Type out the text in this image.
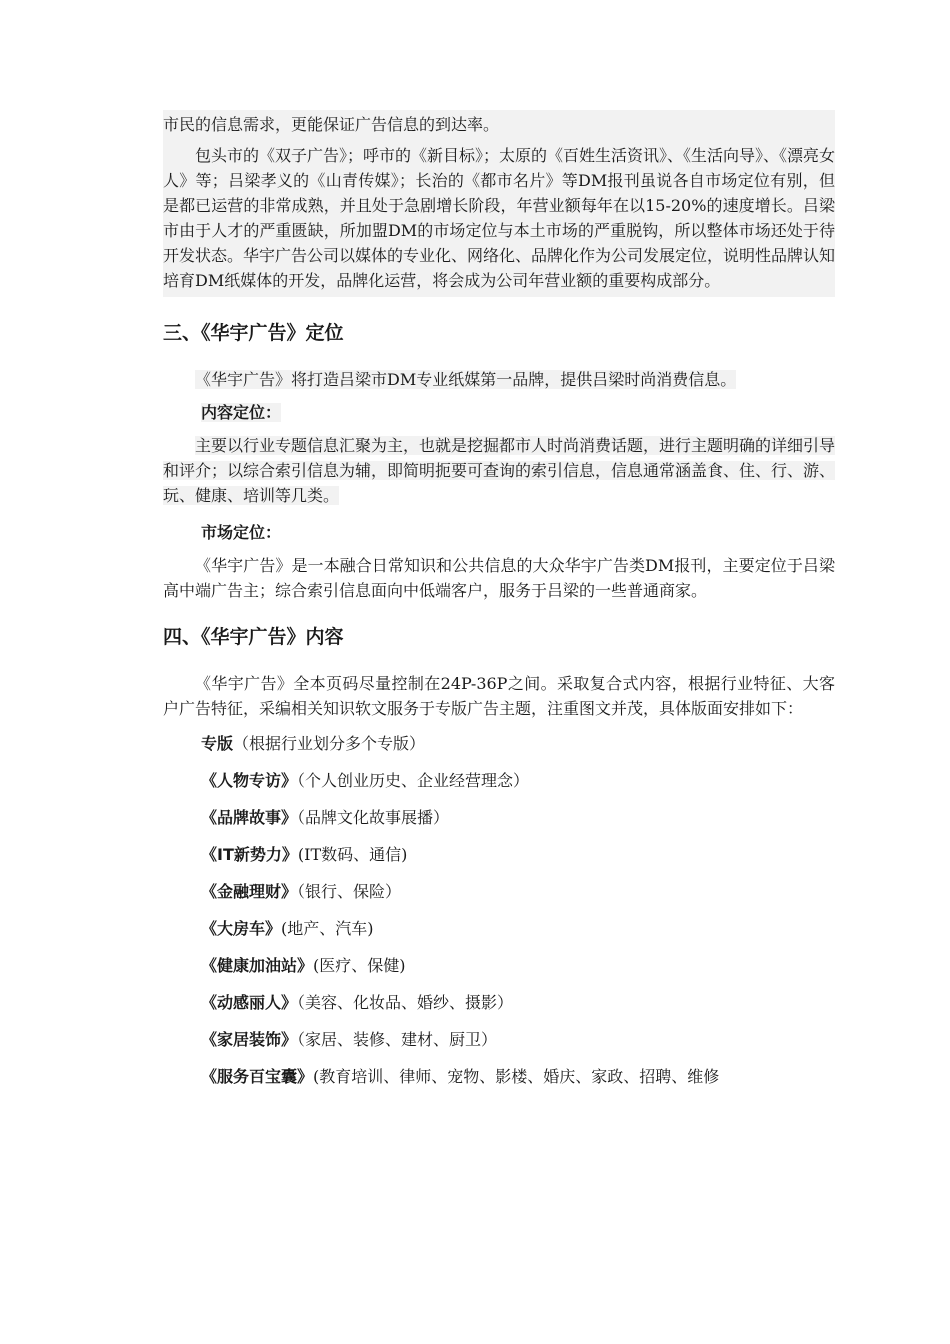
市民的信息需求，更能保证广告信息的到达率。

包头市的《双子广告》；呼市的《新目标》；太原的《百姓生活资讯》、《生活向导》、《漂亮女人》等；吕梁孝义的《山青传媒》；长治的《都市名片》等DM报刊虽说各自市场定位有别，但是都已运营的非常成熟，并且处于急剧增长阶段，年营业额每年在以15-20%的速度增长。吕梁市由于人才的严重匮缺，所加盟DM的市场定位与本土市场的严重脱钩，所以整体市场还处于待开发状态。华宇广告公司以媒体的专业化、网络化、品牌化作为公司发展定位，说明性品牌认知培育DM纸媒体的开发，品牌化运营，将会成为公司年营业额的重要构成部分。

三、《华宇广告》定位

《华宇广告》将打造吕梁市DM专业纸媒第一品牌，提供吕梁时尚消费信息。

内容定位：

主要以行业专题信息汇聚为主，也就是挖掘都市人时尚消费话题，进行主题明确的详细引导和评介；以综合索引信息为辅，即简明扼要可查询的索引信息，信息通常涵盖食、住、行、游、玩、健康、培训等几类。

市场定位：

《华宇广告》是一本融合日常知识和公共信息的大众华宇广告类DM报刊，主要定位于吕梁高中端广告主；综合索引信息面向中低端客户，服务于吕梁的一些普通商家。

四、《华宇广告》内容

《华宇广告》全本页码尽量控制在24P-36P之间。采取复合式内容，根据行业特征、大客户广告特征，采编相关知识软文服务于专版广告主题，注重图文并茂，具体版面安排如下：

专版（根据行业划分多个专版）

《人物专访》（个人创业历史、企业经营理念）

《品牌故事》（品牌文化故事展播）

《IT新势力》(IT数码、通信)

《金融理财》（银行、保险）

《大房车》(地产、汽车)

《健康加油站》(医疗、保健)

《动感丽人》（美容、化妆品、婚纱、摄影）

《家居装饰》（家居、装修、建材、厨卫）

《服务百宝囊》(教育培训、律师、宠物、影楼、婚庆、家政、招聘、维修
